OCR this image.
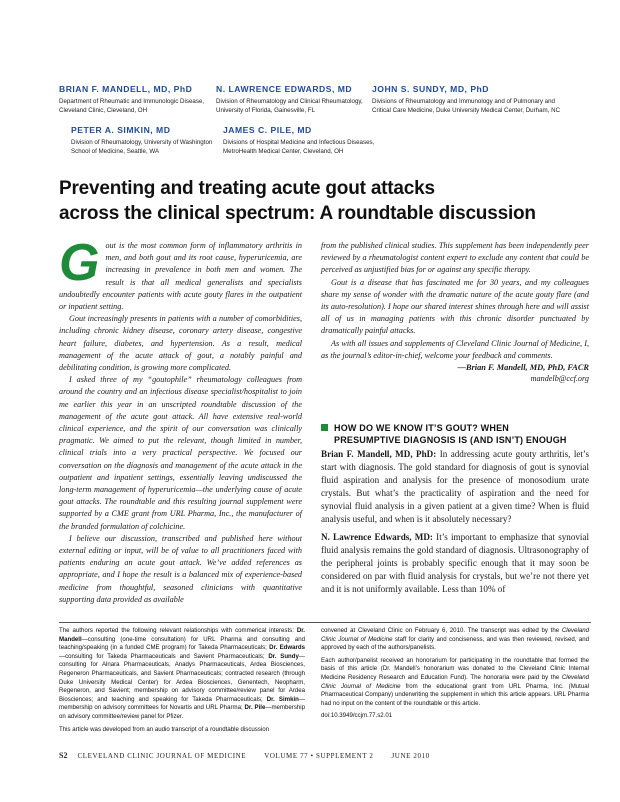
BRIAN F. MANDELL, MD, PhD
Department of Rheumatic and Immunologic Disease, Cleveland Clinic, Cleveland, OH
N. LAWRENCE EDWARDS, MD
Division of Rheumatology and Clinical Rheumatology, University of Florida, Gainesville, FL
JOHN S. SUNDY, MD, PhD
Divisions of Rheumatology and Immunology and of Pulmonary and Critical Care Medicine, Duke University Medical Center, Durham, NC
PETER A. SIMKIN, MD
Division of Rheumatology, University of Washington School of Medicine, Seattle, WA
JAMES C. PILE, MD
Divisions of Hospital Medicine and Infectious Diseases, MetroHealth Medical Center, Cleveland, OH
Preventing and treating acute gout attacks
across the clinical spectrum: A roundtable discussion

Gout is the most common form of inflammatory arthritis in men, and both gout and its root cause, hyperuricemia, are increasing in prevalence in both men and women. The result is that all medical generalists and specialists undoubtedly encounter patients with acute gouty flares in the outpatient or inpatient setting.

Gout increasingly presents in patients with a number of comorbidities, including chronic kidney disease, coronary artery disease, congestive heart failure, diabetes, and hypertension. As a result, medical management of the acute attack of gout, a notably painful and debilitating condition, is growing more complicated.

I asked three of my “goutophile” rheumatology colleagues from around the country and an infectious disease specialist/hospitalist to join me earlier this year in an unscripted roundtable discussion of the management of the acute gout attack. All have extensive real-world clinical experience, and the spirit of our conversation was clinically pragmatic. We aimed to put the relevant, though limited in number, clinical trials into a very practical perspective. We focused our conversation on the diagnosis and management of the acute attack in the outpatient and inpatient settings, essentially leaving undiscussed the long-term management of hyperuricemia—the underlying cause of acute gout attacks. The roundtable and this resulting journal supplement were supported by a CME grant from URL Pharma, Inc., the manufacturer of the branded formulation of colchicine.

I believe our discussion, transcribed and published here without external editing or input, will be of value to all practitioners faced with patients enduring an acute gout attack. We’ve added references as appropriate, and I hope the result is a balanced mix of experience-based medicine from thoughtful, seasoned clinicians with quantitative supporting data provided as available

from the published clinical studies. This supplement has been independently peer reviewed by a rheumatologist content expert to exclude any content that could be perceived as unjustified bias for or against any specific therapy.

Gout is a disease that has fascinated me for 30 years, and my colleagues share my sense of wonder with the dramatic nature of the acute gouty flare (and its auto-resolution). I hope our shared interest shines through here and will assist all of us in managing patients with this chronic disorder punctuated by dramatically painful attacks.

As with all issues and supplements of Cleveland Clinic Journal of Medicine, I, as the journal’s editor-in-chief, welcome your feedback and comments.

—Brian F. Mandell, MD, PhD, FACR
mandelb@ccf.org
HOW DO WE KNOW IT’S GOUT? WHEN
PRESUMPTIVE DIAGNOSIS IS (AND ISN’T) ENOUGH

Brian F. Mandell, MD, PhD: In addressing acute gouty arthritis, let’s start with diagnosis. The gold standard for diagnosis of gout is synovial fluid aspiration and analysis for the presence of monosodium urate crystals. But what’s the practicality of aspiration and the need for synovial fluid analysis in a given patient at a given time? When is fluid analysis useful, and when is it absolutely necessary?

N. Lawrence Edwards, MD: It’s important to emphasize that synovial fluid analysis remains the gold standard of diagnosis. Ultrasonography of the peripheral joints is probably specific enough that it may soon be considered on par with fluid analysis for crystals, but we’re not there yet and it is not uniformly available. Less than 10% of

The authors reported the following relevant relationships with commerical interests: Dr. Mandell—consulting (one-time consultation) for URL Pharma and consulting and teaching/speaking (in a funded CME program) for Takeda Pharmaceuticals; Dr. Edwards—consulting for Takeda Pharmaceuticals and Savient Pharmaceuticals; Dr. Sundy—consulting for Alnara Pharmaceuticals, Anadys Pharmaceuticals, Ardea Biosciences, Regeneron Pharmaceuticals, and Savient Pharmaceuticals; contracted research (through Duke University Medical Center) for Ardea Biosciences, Genentech, Neopharm, Regeneron, and Savient; membership on advisory committee/review panel for Ardea Biosciences; and teaching and speaking for Takeda Pharmaceuticals; Dr. Simkin—membership on advisory committees for Novartis and URL Pharma; Dr. Pile—membership on advisory committee/review panel for Pfizer.

This article was developed from an audio transcript of a roundtable discussion

convened at Cleveland Clinic on February 6, 2010. The transcript was edited by the Cleveland Clinic Journal of Medicine staff for clarity and conciseness, and was then reviewed, revised, and approved by each of the authors/panelists.

Each author/panelist received an honorarium for participating in the roundtable that formed the basis of this article (Dr. Mandell’s honorarium was donated to the Cleveland Clinic Internal Medicine Residency Research and Education Fund). The honoraria were paid by the Cleveland Clinic Journal of Medicine from the educational grant from URL Pharma, Inc. (Mutual Pharmaceutical Company) underwriting the supplement in which this article appears. URL Pharma had no input on the content of the roundtable or this article.

doi:10.3949/ccjm.77.s2.01

S2 CLEVELAND CLINIC JOURNAL OF MEDICINE	VOLUME 77 • SUPPLEMENT 2	JUNE 2010
